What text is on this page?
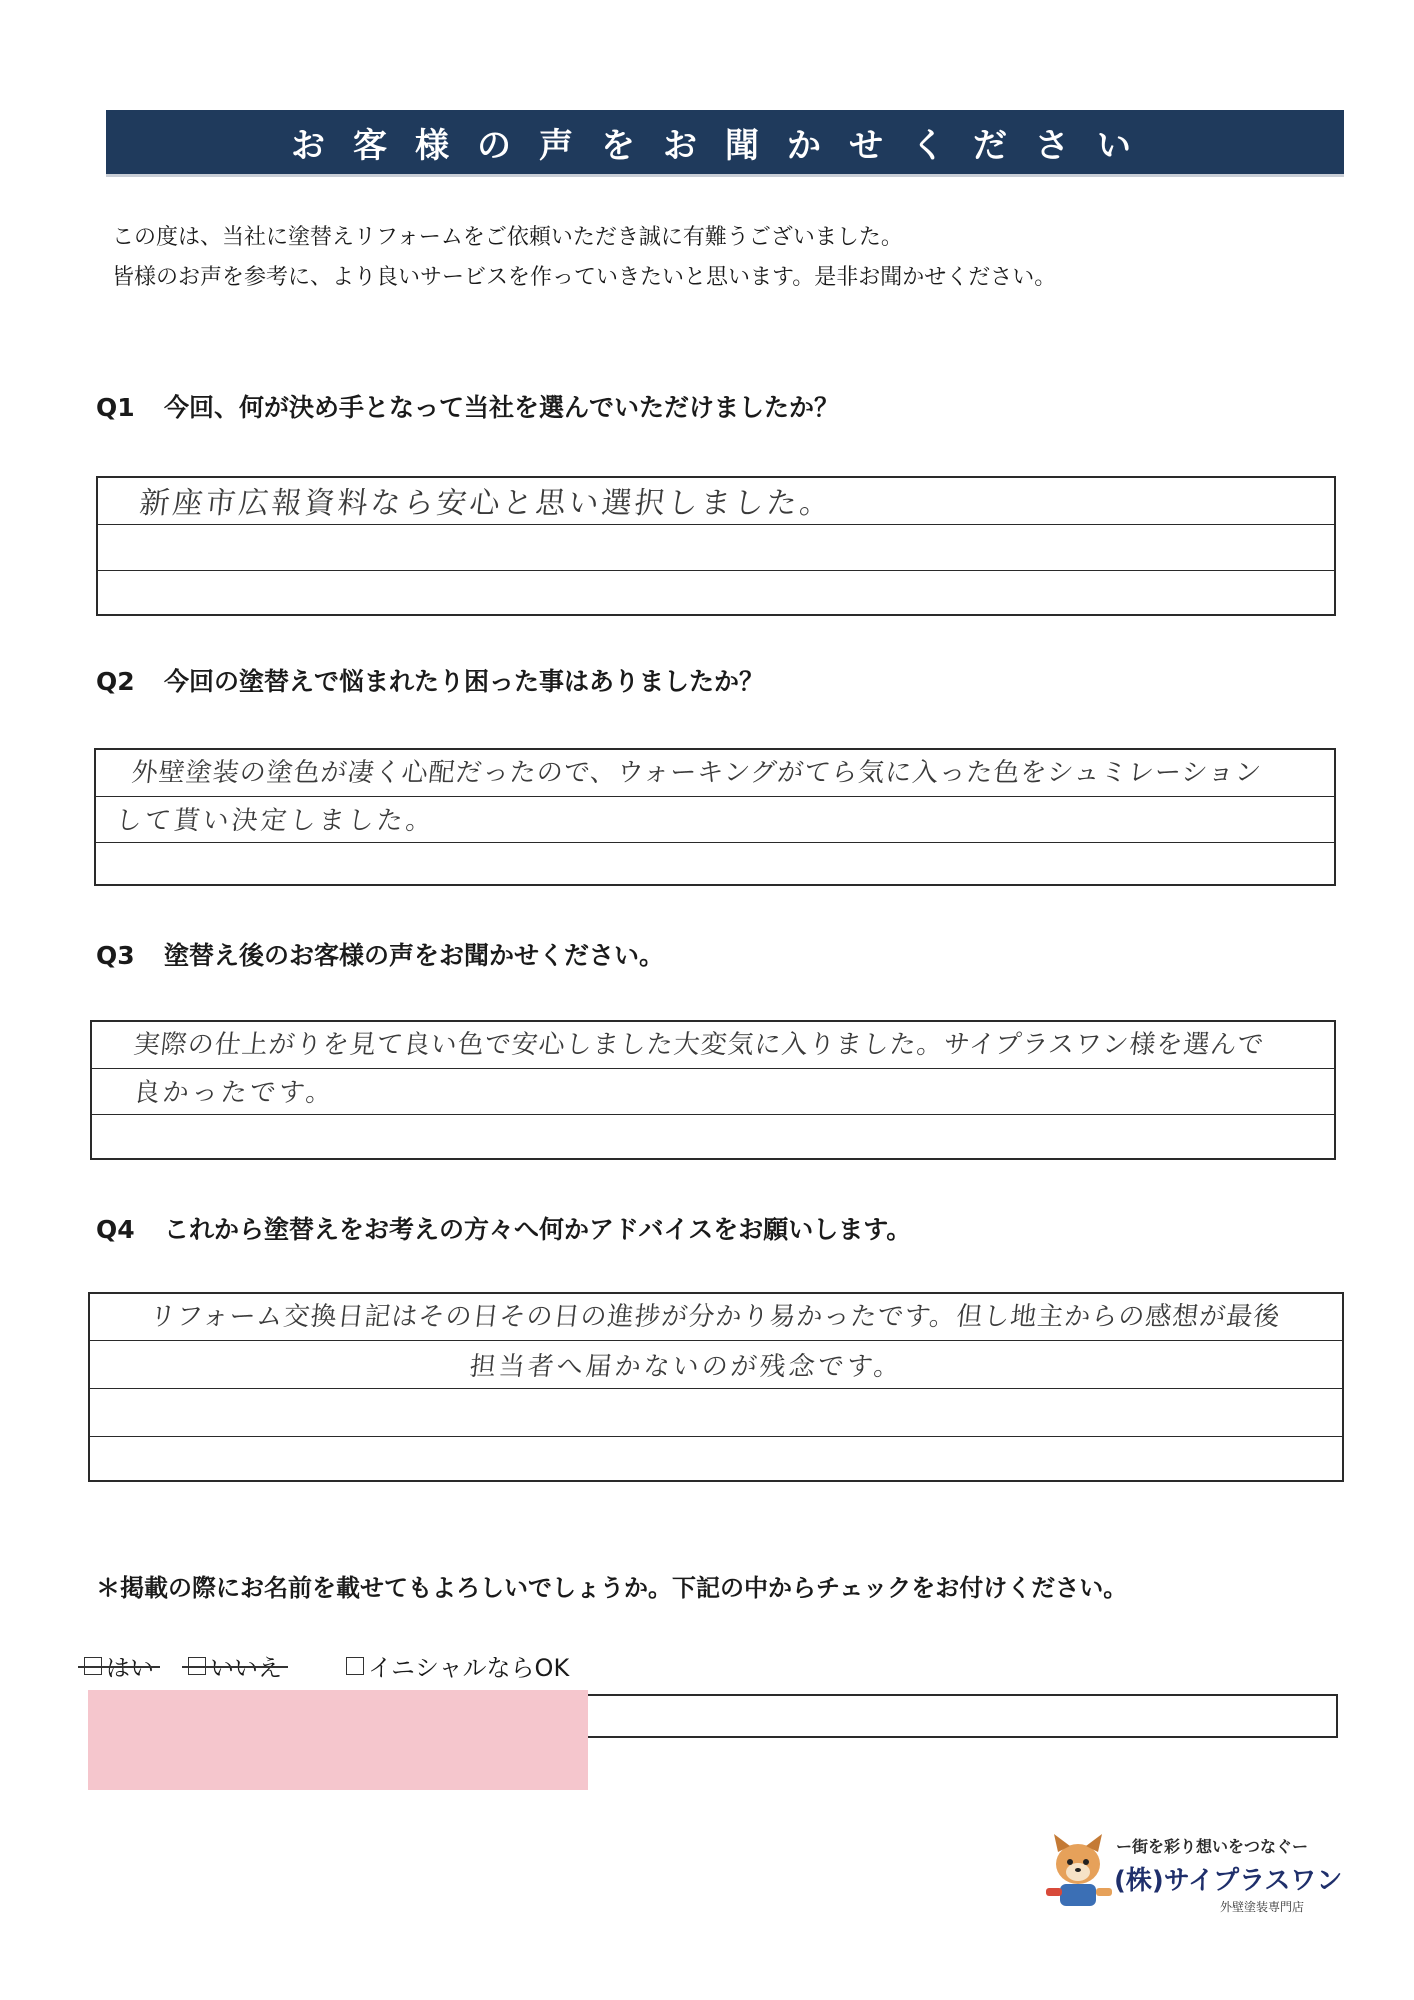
お客様の声をお聞かせください
この度は、当社に塗替えリフォームをご依頼いただき誠に有難うございました。
皆様のお声を参考に、より良いサービスを作っていきたいと思います。是非お聞かせください。
Q1 今回、何が決め手となって当社を選んでいただけましたか？
新座市広報資料なら安心と思い選択しました。
Q2 今回の塗替えで悩まれたり困った事はありましたか？
外壁塗装の塗色が凄く心配だったので、ウォーキングがてら気に入った色をシュミレーション
して貰い決定しました。
Q3 塗替え後のお客様の声をお聞かせください。
実際の仕上がりを見て良い色で安心しました大変気に入りました。サイプラスワン様を選んで
良かったです。
Q4 これから塗替えをお考えの方々へ何かアドバイスをお願いします。
リフォーム交換日記はその日その日の進捗が分かり易かったです。但し地主からの感想が最後
担当者へ届かないのが残念です。
＊掲載の際にお名前を載せてもよろしいでしょうか。下記の中からチェックをお付けください。
はい いいえ	イニシャルならOK
ー街を彩り想いをつなぐー
(株)サイプラスワン
外壁塗装専門店
